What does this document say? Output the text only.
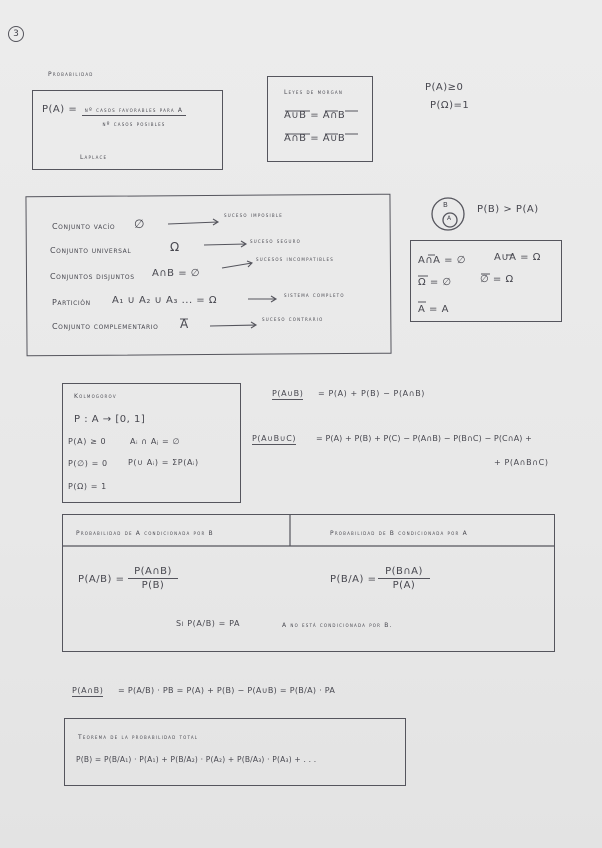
3
Probabilidad
P(A) =	nº casos favorables para A
nº casos posibles
Laplace
Leyes de morgan
A∪B = A∩B
A∩B = A∪B
P(A)≥0
P(Ω)=1
Conjunto vacío ∅
suceso imposible
Conjunto universal	Ω	suceso seguro
Conjuntos disjuntos A∩B = ∅
sucesos incompatibles
Partición A₁ ∪ A₂ ∪ A₃ ... = Ω	sistema completo
Conjunto complementario A	suceso contrario
B
A
P(B) > P(A)
A∩A = ∅	A∪A = Ω
Ω = ∅	∅ = Ω
A = A
Kolmogorov
P : A → [0, 1]
P(A) ≥ 0	Aᵢ ∩ Aⱼ = ∅
P(∅) = 0	P(∪ Aᵢ) = ΣP(Aᵢ)
P(Ω) = 1
P(A∪B) = P(A) + P(B) − P(A∩B)
P(A∪B∪C) = P(A) + P(B) + P(C) − P(A∩B) − P(B∩C) − P(C∩A) +
+ P(A∩B∩C)
Probabilidad de A condicionada por B	Probabilidad de B condicionada por A
$P(A/B) = \frac{P(A\cap B)}{P(B)}$	$P(B/A) = \frac{P(B\cap A)}{P(A)}$
Si P(A/B) = PA	A no está condicionada por B.
P(A∩B) = P(A/B) · PB = P(A) + P(B) − P(A∪B) = P(B/A) · PA
Teorema de la probabilidad total
P(B) = P(B/A₁) · P(A₁) + P(B/A₂) · P(A₂) + P(B/A₃) · P(A₃) + . . .
